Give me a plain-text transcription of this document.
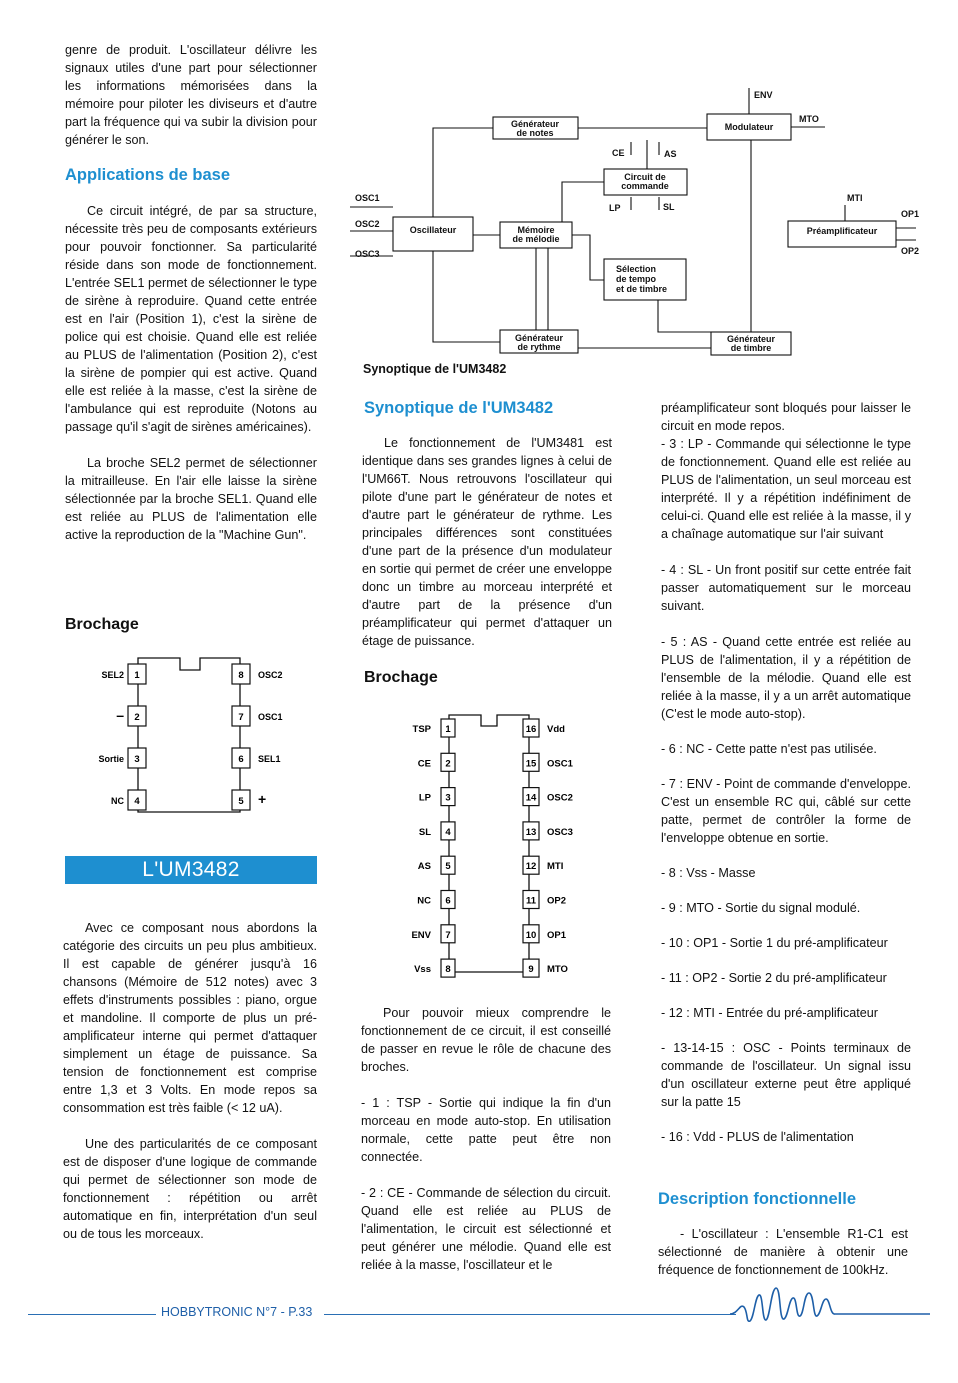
genre de produit. L'oscillateur délivre les signaux utiles d'une part pour sélectionner les informations mémorisées dans la mémoire pour piloter les diviseurs et d'autre part la fréquence qui va subir la division pour générer le son.

Applications de base

Ce circuit intégré, de par sa structure, nécessite très peu de composants extérieurs pour pouvoir fonctionner. Sa particularité réside dans son mode de fonctionnement. L'entrée SEL1 permet de sélectionner le type de sirène à reproduire. Quand cette entrée est en l'air (Position 1), c'est la sirène de police qui est choisie. Quand elle est reliée au PLUS de l'alimentation (Position 2), c'est la sirène de pompier qui est active. Quand elle est reliée à la masse, c'est la sirène de l'ambulance qui est reproduite (Notons au passage qu'il s'agit de sirènes américaines).

La broche SEL2 permet de sélectionner la mitrailleuse. En l'air elle laisse la sirène sélectionnée par la broche SEL1. Quand elle est reliée au PLUS de l'alimentation elle active la reproduction de la "Machine Gun".

Brochage
1
SEL2
2
–
3
Sortie
4
NC
8 OSC2
7 OSC1
6 SEL1
5 +
L'UM3482

Avec ce composant nous abordons la catégorie des circuits un peu plus ambitieux. Il est capable de générer jusqu'à 16 chansons (Mémoire de 512 notes) avec 3 effets d'instruments possibles : piano, orgue et mandoline. Il comporte de plus un pré-amplificateur interne qui permet d'attaquer simplement un étage de puissance. Sa tension de fonctionnement est comprise entre 1,3 et 3 Volts. En mode repos sa consommation est très faible (< 12 uA).

Une des particularités de ce composant est de disposer d'une logique de commande qui permet de sélectionner son mode de fonctionnement : répétition ou arrêt automatique en fin, interprétation d'un seul ou de tous les morceaux.

Générateur
de notes
Modulateur
Circuit de
commande
Oscillateur	Mémoire
de mélodie
Sélection
de tempo
et de timbre
Préamplificateur
Générateur
de rythme
Générateur
de timbre
ENV
MTO
CE	AS
LP	SL
MTI
OP1
OP2
OSC1
OSC2
OSC3
Synoptique de l'UM3482
Synoptique de l'UM3482

Le fonctionnement de l'UM3481 est identique dans ses grandes lignes à celui de l'UM66T. Nous retrouvons l'oscillateur qui pilote d'une part le générateur de notes et d'autre part le générateur de rythme. Les principales différences sont constituées d'une part de la présence d'un modulateur en sortie qui permet de créer une enveloppe donc un timbre au morceau interprété et d'autre part de la présence d'un préamplificateur qui permet d'attaquer un étage de puissance.

Brochage
1
TSP
2
CE
3
LP
4
SL
5
AS
6
NC
7
ENV
8
Vss
16 Vdd
15 OSC1
14 OSC2
13 OSC3
12 MTI
11 OP2
10 OP1
9 MTO

Pour pouvoir mieux comprendre le fonctionnement de ce circuit, il est conseillé de passer en revue le rôle de chacune des broches.

- 1 : TSP - Sortie qui indique la fin d'un morceau en mode auto-stop. En utilisation normale, cette patte peut être non connectée.

- 2 : CE - Commande de sélection du circuit. Quand elle est reliée au PLUS de l'alimentation, le circuit est sélectionné et peut générer une mélodie. Quand elle est reliée à la masse, l'oscillateur et le

préamplificateur sont bloqués pour laisser le circuit en mode repos.

- 3 : LP - Commande qui sélectionne le type de fonctionnement. Quand elle est reliée au PLUS de l'alimentation, un seul morceau est interprété. Il y a répétition indéfiniment de celui-ci. Quand elle est reliée à la masse, il y a chaînage automatique sur l'air suivant

- 4 : SL - Un front positif sur cette entrée fait passer automatiquement sur le morceau suivant.

- 5 : AS - Quand cette entrée est reliée au PLUS de l'alimentation, il y a répétition de l'ensemble de la mélodie. Quand elle est reliée à la masse, il y a un arrêt automatique (C'est le mode auto-stop).

- 6 : NC - Cette patte n'est pas utilisée.

- 7 : ENV - Point de commande d'enveloppe. C'est un ensemble RC qui, câblé sur cette patte, permet de contrôler la forme de l'enveloppe obtenue en sortie.

- 8 : Vss - Masse

- 9 : MTO - Sortie du signal modulé.

- 10 : OP1 - Sortie 1 du pré-amplificateur

- 11 : OP2 - Sortie 2 du pré-amplificateur

- 12 : MTI - Entrée du pré-amplificateur

- 13-14-15 : OSC - Points terminaux de commande de l'oscillateur. Un signal issu d'un oscillateur externe peut être appliqué sur la patte 15

- 16 : Vdd - PLUS de l'alimentation

Description fonctionnelle

- L'oscillateur : L'ensemble R1-C1 est sélectionné de manière à obtenir une fréquence de fonctionnement de 100kHz.

HOBBYTRONIC N°7 - P.33
